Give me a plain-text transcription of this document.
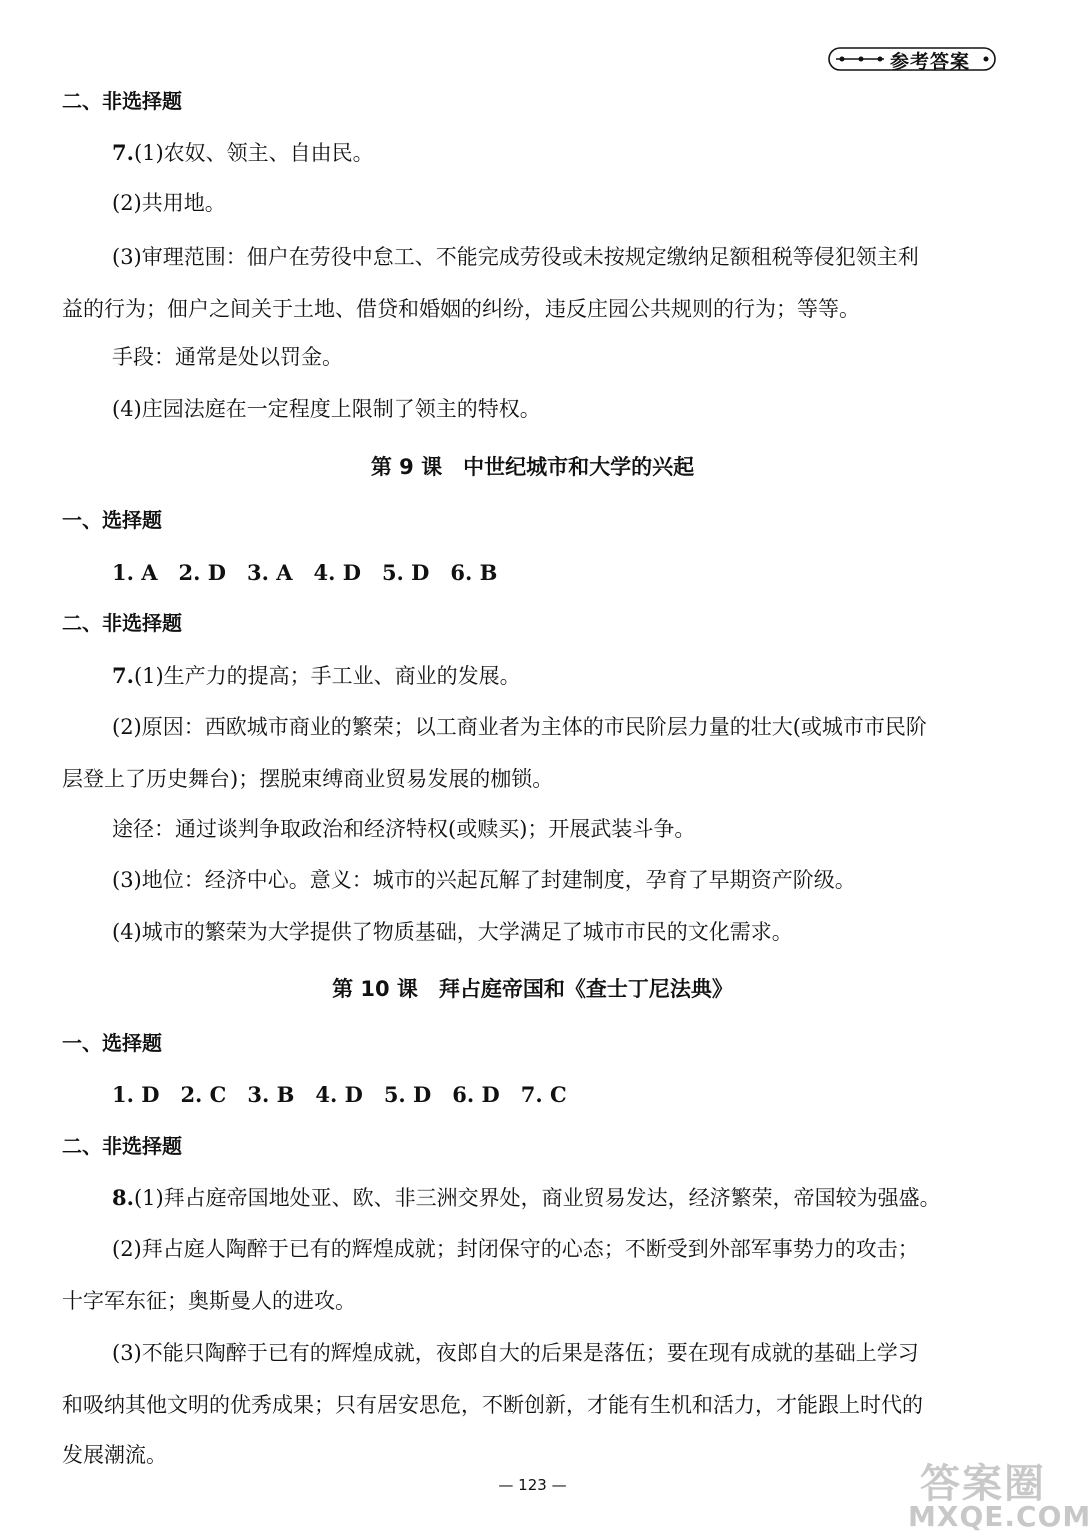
参考答案
二、非选择题
7.(1)农奴、领主、自由民。
(2)共用地。
(3)审理范围：佃户在劳役中怠工、不能完成劳役或未按规定缴纳足额租税等侵犯领主利
益的行为；佃户之间关于土地、借贷和婚姻的纠纷，违反庄园公共规则的行为；等等。
手段：通常是处以罚金。
(4)庄园法庭在一定程度上限制了领主的特权。
第 9 课　中世纪城市和大学的兴起
一、选择题
1. A　2. D　3. A　4. D　5. D　6. B
二、非选择题
7.(1)生产力的提高；手工业、商业的发展。
(2)原因：西欧城市商业的繁荣；以工商业者为主体的市民阶层力量的壮大(或城市市民阶
层登上了历史舞台)；摆脱束缚商业贸易发展的枷锁。
途径：通过谈判争取政治和经济特权(或赎买)；开展武装斗争。
(3)地位：经济中心。意义：城市的兴起瓦解了封建制度，孕育了早期资产阶级。
(4)城市的繁荣为大学提供了物质基础，大学满足了城市市民的文化需求。
第 10 课　拜占庭帝国和《查士丁尼法典》
一、选择题
1. D　2. C　3. B　4. D　5. D　6. D　7. C
二、非选择题
8.(1)拜占庭帝国地处亚、欧、非三洲交界处，商业贸易发达，经济繁荣，帝国较为强盛。
(2)拜占庭人陶醉于已有的辉煌成就；封闭保守的心态；不断受到外部军事势力的攻击；
十字军东征；奥斯曼人的进攻。
(3)不能只陶醉于已有的辉煌成就，夜郎自大的后果是落伍；要在现有成就的基础上学习
和吸纳其他文明的优秀成果；只有居安思危，不断创新，才能有生机和活力，才能跟上时代的
发展潮流。
— 123 —	答案圈
MXQE.COM
